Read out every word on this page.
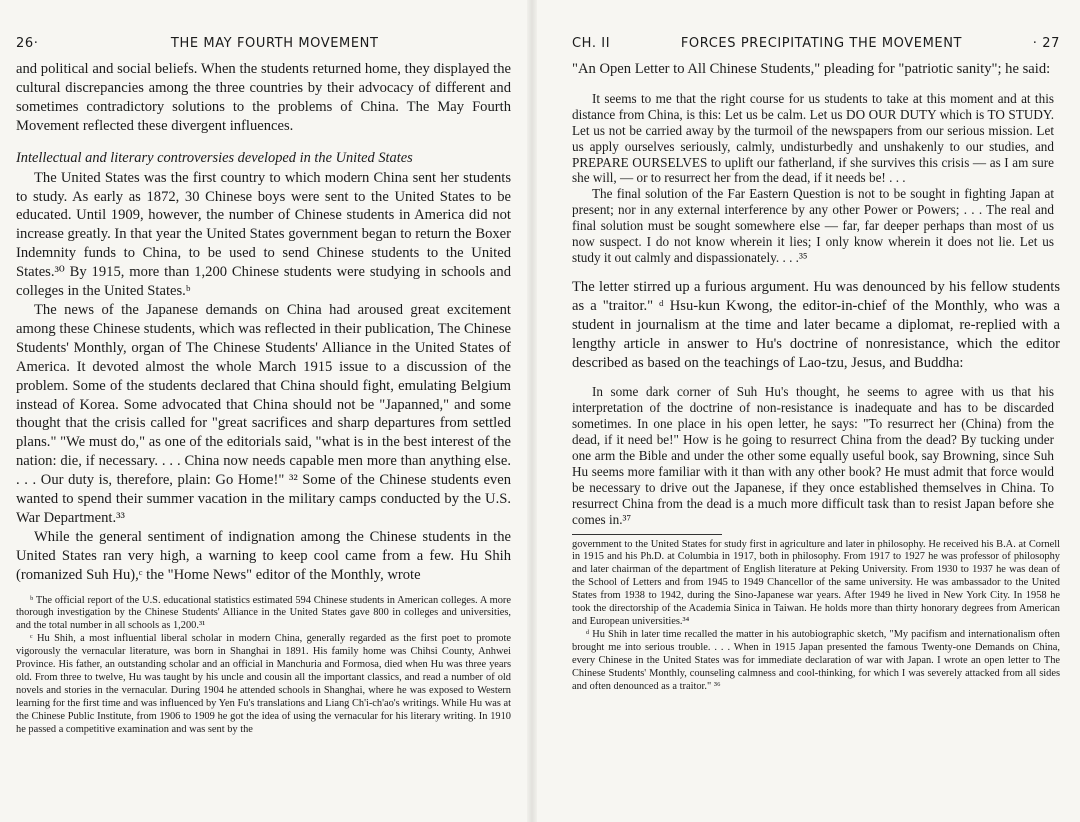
26·	THE MAY FOURTH MOVEMENT

and political and social beliefs. When the students returned home, they displayed the cultural discrepancies among the three countries by their advocacy of different and sometimes contradictory solutions to the problems of China. The May Fourth Movement reflected these divergent influences.

Intellectual and literary controversies developed in the United States

The United States was the first country to which modern China sent her students to study. As early as 1872, 30 Chinese boys were sent to the United States to be educated. Until 1909, however, the number of Chinese students in America did not increase greatly. In that year the United States government began to return the Boxer Indemnity funds to China, to be used to send Chinese students to the United States.³⁰ By 1915, more than 1,200 Chinese students were studying in schools and colleges in the United States.ᵇ

The news of the Japanese demands on China had aroused great excitement among these Chinese students, which was reflected in their publication, The Chinese Students' Monthly, organ of The Chinese Students' Alliance in the United States of America. It devoted almost the whole March 1915 issue to a discussion of the problem. Some of the students declared that China should fight, emulating Belgium instead of Korea. Some advocated that China should not be "Japanned," and some thought that the crisis called for "great sacrifices and sharp departures from settled plans." "We must do," as one of the editorials said, "what is in the best interest of the nation: die, if necessary. . . . China now needs capable men more than anything else. . . . Our duty is, therefore, plain: Go Home!" ³² Some of the Chinese students even wanted to spend their summer vacation in the military camps conducted by the U.S. War Department.³³

While the general sentiment of indignation among the Chinese students in the United States ran very high, a warning to keep cool came from a few. Hu Shih (romanized Suh Hu),ᶜ the "Home News" editor of the Monthly, wrote

ᵇ The official report of the U.S. educational statistics estimated 594 Chinese students in American colleges. A more thorough investigation by the Chinese Students' Alliance in the United States gave 800 in colleges and universities, and the total number in all schools as 1,200.³¹

ᶜ Hu Shih, a most influential liberal scholar in modern China, generally regarded as the first poet to promote vigorously the vernacular literature, was born in Shanghai in 1891. His family home was Chihsi County, Anhwei Province. His father, an outstanding scholar and an official in Manchuria and Formosa, died when Hu was three years old. From three to twelve, Hu was taught by his uncle and cousin all the important classics, and read a number of old novels and stories in the vernacular. During 1904 he attended schools in Shanghai, where he was exposed to Western learning for the first time and was influenced by Yen Fu's translations and Liang Ch'i-ch'ao's writings. While Hu was at the Chinese Public Institute, from 1906 to 1909 he got the idea of using the vernacular for his literary writing. In 1910 he passed a competitive examination and was sent by the

CH. II	FORCES PRECIPITATING THE MOVEMENT	· 27

"An Open Letter to All Chinese Students," pleading for "patriotic sanity"; he said:

It seems to me that the right course for us students to take at this moment and at this distance from China, is this: Let us be calm. Let us DO OUR DUTY which is TO STUDY. Let us not be carried away by the turmoil of the newspapers from our serious mission. Let us apply ourselves seriously, calmly, undisturbedly and unshakenly to our studies, and PREPARE OURSELVES to uplift our fatherland, if she survives this crisis — as I am sure she will, — or to resurrect her from the dead, if it needs be! . . .

The final solution of the Far Eastern Question is not to be sought in fighting Japan at present; nor in any external interference by any other Power or Powers; . . . The real and final solution must be sought somewhere else — far, far deeper perhaps than most of us now suspect. I do not know wherein it lies; I only know wherein it does not lie. Let us study it out calmly and dispassionately. . . .³⁵

The letter stirred up a furious argument. Hu was denounced by his fellow students as a "traitor." ᵈ Hsu-kun Kwong, the editor-in-chief of the Monthly, who was a student in journalism at the time and later became a diplomat, re-replied with a lengthy article in answer to Hu's doctrine of nonresistance, which the editor described as based on the teachings of Lao-tzu, Jesus, and Buddha:

In some dark corner of Suh Hu's thought, he seems to agree with us that his interpretation of the doctrine of non-resistance is inadequate and has to be discarded sometimes. In one place in his open letter, he says: "To resurrect her (China) from the dead, if it need be!" How is he going to resurrect China from the dead? By tucking under one arm the Bible and under the other some equally useful book, say Browning, since Suh Hu seems more familiar with it than with any other book? He must admit that force would be necessary to drive out the Japanese, if they once established themselves in China. To resurrect China from the dead is a much more difficult task than to resist Japan before she comes in.³⁷

government to the United States for study first in agriculture and later in philosophy. He received his B.A. at Cornell in 1915 and his Ph.D. at Columbia in 1917, both in philosophy. From 1917 to 1927 he was professor of philosophy and later chairman of the department of English literature at Peking University. From 1930 to 1937 he was dean of the School of Letters and from 1945 to 1949 Chancellor of the same university. He was ambassador to the United States from 1938 to 1942, during the Sino-Japanese war years. After 1949 he lived in New York City. In 1958 he took the directorship of the Academia Sinica in Taiwan. He holds more than thirty honorary degrees from American and European universities.³⁴

ᵈ Hu Shih in later time recalled the matter in his autobiographic sketch, "My pacifism and internationalism often brought me into serious trouble. . . . When in 1915 Japan presented the famous Twenty-one Demands on China, every Chinese in the United States was for immediate declaration of war with Japan. I wrote an open letter to The Chinese Students' Monthly, counseling calmness and cool-thinking, for which I was severely attacked from all sides and often denounced as a traitor." ³⁶
